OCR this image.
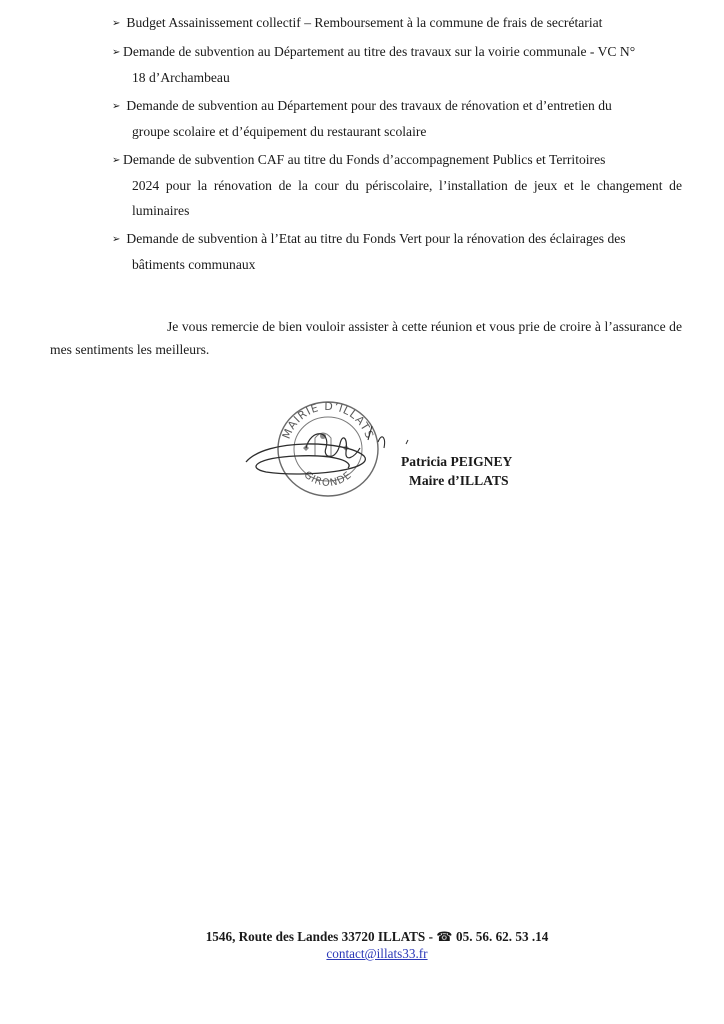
➢ Budget Assainissement collectif – Remboursement à la commune de frais de secrétariat
➢ Demande de subvention au Département au titre des travaux sur la voirie communale - VC N°
18 d’Archambeau
➢ Demande de subvention au Département pour des travaux de rénovation et d’entretien du
groupe scolaire et d’équipement du restaurant scolaire
➢ Demande de subvention CAF au titre du Fonds d’accompagnement Publics et Territoires
2024 pour la rénovation de la cour du périscolaire, l’installation de jeux et le changement de luminaires
➢ Demande de subvention à l’Etat au titre du Fonds Vert pour la rénovation des éclairages des
bâtiments communaux

Je vous remercie de bien vouloir assister à cette réunion et vous prie de croire à l’assurance de mes sentiments les meilleurs.

MAIRIE D’ILLATS
GIRONDE
Patricia PEIGNEY
Maire d’ILLATS
1546, Route des Landes 33720 ILLATS - ☎ 05. 56. 62. 53 .14
contact@illats33.fr
